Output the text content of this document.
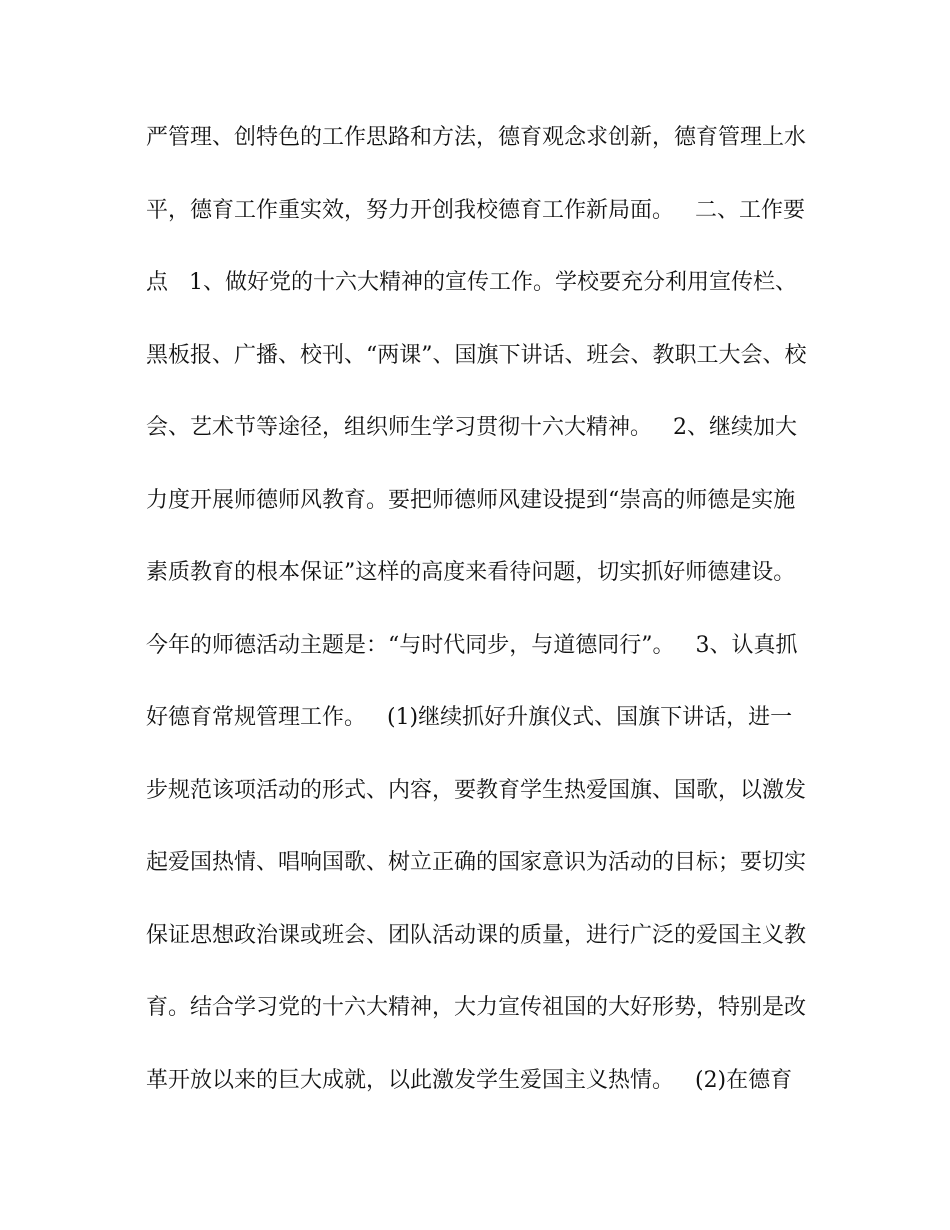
严管理、创特色的工作思路和方法，德育观念求创新，德育管理上水
平，德育工作重实效，努力开创我校德育工作新局面。   二、工作要
点   1、做好党的十六大精神的宣传工作。学校要充分利用宣传栏、
黑板报、广播、校刊、“两课”、国旗下讲话、班会、教职工大会、校
会、艺术节等途径，组织师生学习贯彻十六大精神。   2、继续加大
力度开展师德师风教育。要把师德师风建设提到“崇高的师德是实施
素质教育的根本保证”这样的高度来看待问题，切实抓好师德建设。
今年的师德活动主题是：“与时代同步，与道德同行”。   3、认真抓
好德育常规管理工作。   (1)继续抓好升旗仪式、国旗下讲话，进一
步规范该项活动的形式、内容，要教育学生热爱国旗、国歌，以激发
起爱国热情、唱响国歌、树立正确的国家意识为活动的目标；要切实
保证思想政治课或班会、团队活动课的质量，进行广泛的爱国主义教
育。结合学习党的十六大精神，大力宣传祖国的大好形势，特别是改
革开放以来的巨大成就，以此激发学生爱国主义热情。   (2)在德育
